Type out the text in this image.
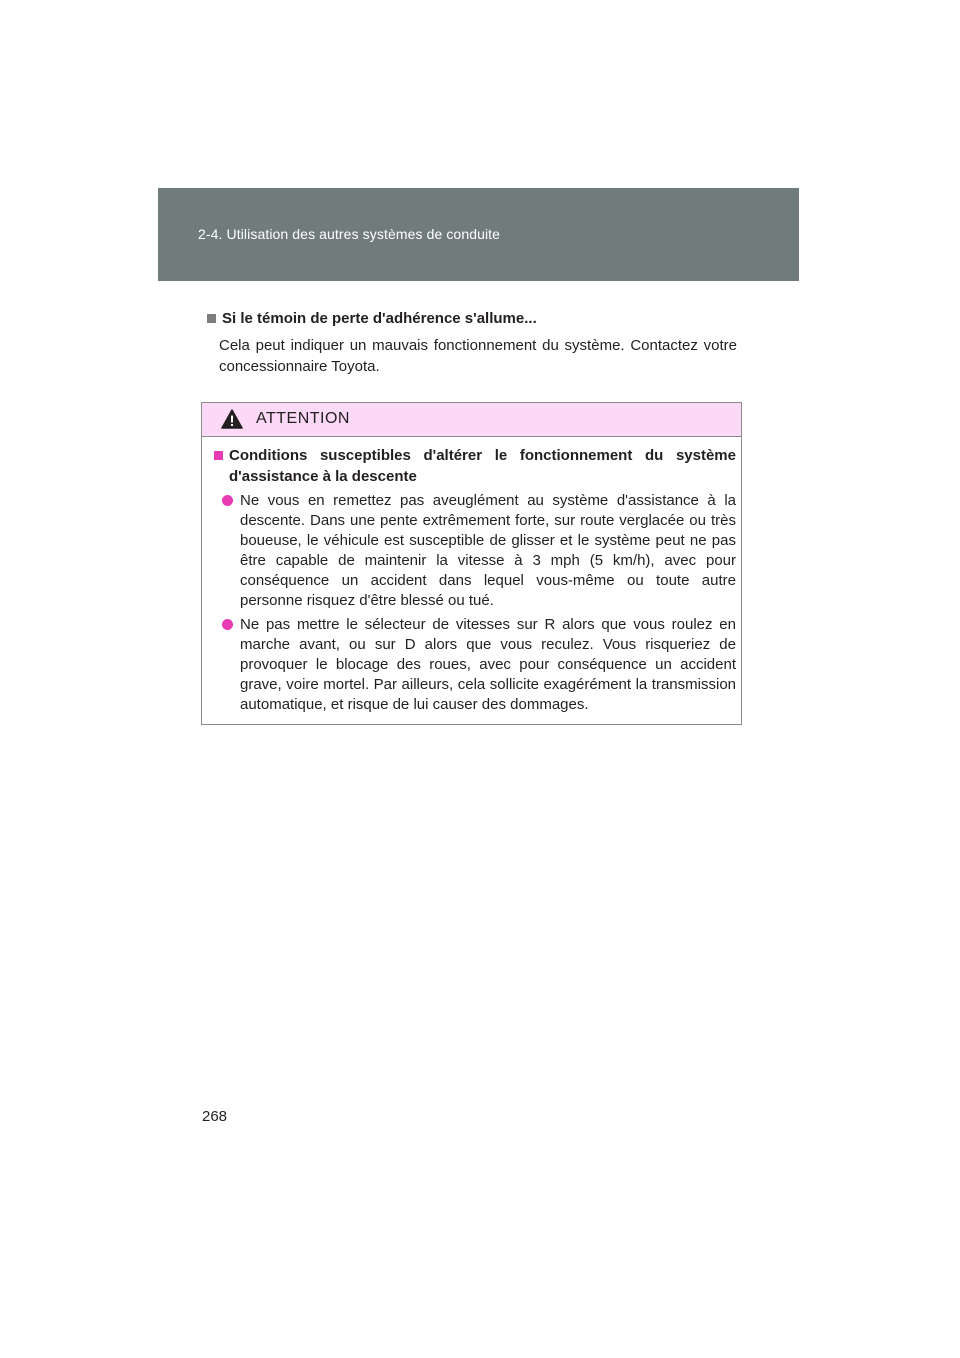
2-4. Utilisation des autres systèmes de conduite
Si le témoin de perte d'adhérence s'allume...
Cela peut indiquer un mauvais fonctionnement du système. Contactez votre concessionnaire Toyota.
ATTENTION
Conditions susceptibles d'altérer le fonctionnement du système d'assistance à la descente
Ne vous en remettez pas aveuglément au système d'assistance à la descente. Dans une pente extrêmement forte, sur route verglacée ou très boueuse, le véhicule est susceptible de glisser et le système peut ne pas être capable de maintenir la vitesse à 3 mph (5 km/h), avec pour conséquence un accident dans lequel vous-même ou toute autre personne risquez d'être blessé ou tué.
Ne pas mettre le sélecteur de vitesses sur R alors que vous roulez en marche avant, ou sur D alors que vous reculez. Vous risqueriez de provoquer le blocage des roues, avec pour conséquence un accident grave, voire mortel. Par ailleurs, cela sollicite exagérément la transmission automatique, et risque de lui causer des dommages.
268
